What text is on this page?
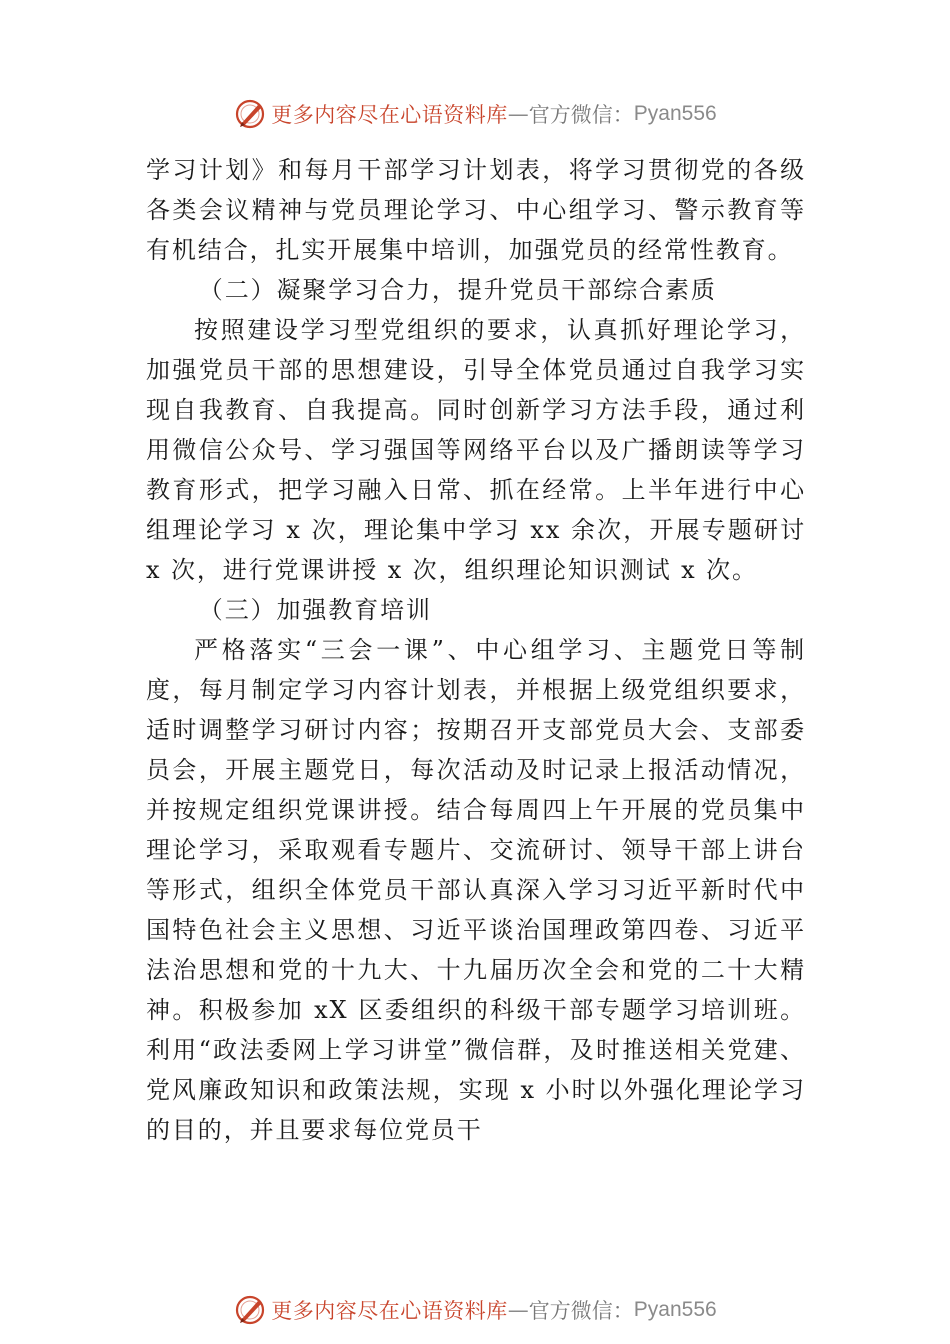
更多内容尽在心语资料库 — 官方微信： Pyan556

学习计划》和每月干部学习计划表，将学习贯彻党的各级各类会议精神与党员理论学习、中心组学习、警示教育等有机结合，扎实开展集中培训，加强党员的经常性教育。

（二）凝聚学习合力，提升党员干部综合素质

按照建设学习型党组织的要求，认真抓好理论学习，加强党员干部的思想建设，引导全体党员通过自我学习实现自我教育、自我提高。同时创新学习方法手段，通过利用微信公众号、学习强国等网络平台以及广播朗读等学习教育形式，把学习融入日常、抓在经常。上半年进行中心组理论学习 x 次，理论集中学习 xx 余次，开展专题研讨 x 次，进行党课讲授 x 次，组织理论知识测试 x 次。

（三）加强教育培训

严格落实“三会一课”、中心组学习、主题党日等制度，每月制定学习内容计划表，并根据上级党组织要求，适时调整学习研讨内容；按期召开支部党员大会、支部委员会，开展主题党日，每次活动及时记录上报活动情况，并按规定组织党课讲授。结合每周四上午开展的党员集中理论学习，采取观看专题片、交流研讨、领导干部上讲台等形式，组织全体党员干部认真深入学习习近平新时代中国特色社会主义思想、习近平谈治国理政第四卷、习近平法治思想和党的十九大、十九届历次全会和党的二十大精神。积极参加 xX 区委组织的科级干部专题学习培训班。利用“政法委网上学习讲堂”微信群，及时推送相关党建、党风廉政知识和政策法规，实现 x 小时以外强化理论学习的目的，并且要求每位党员干

更多内容尽在心语资料库 — 官方微信： Pyan556
